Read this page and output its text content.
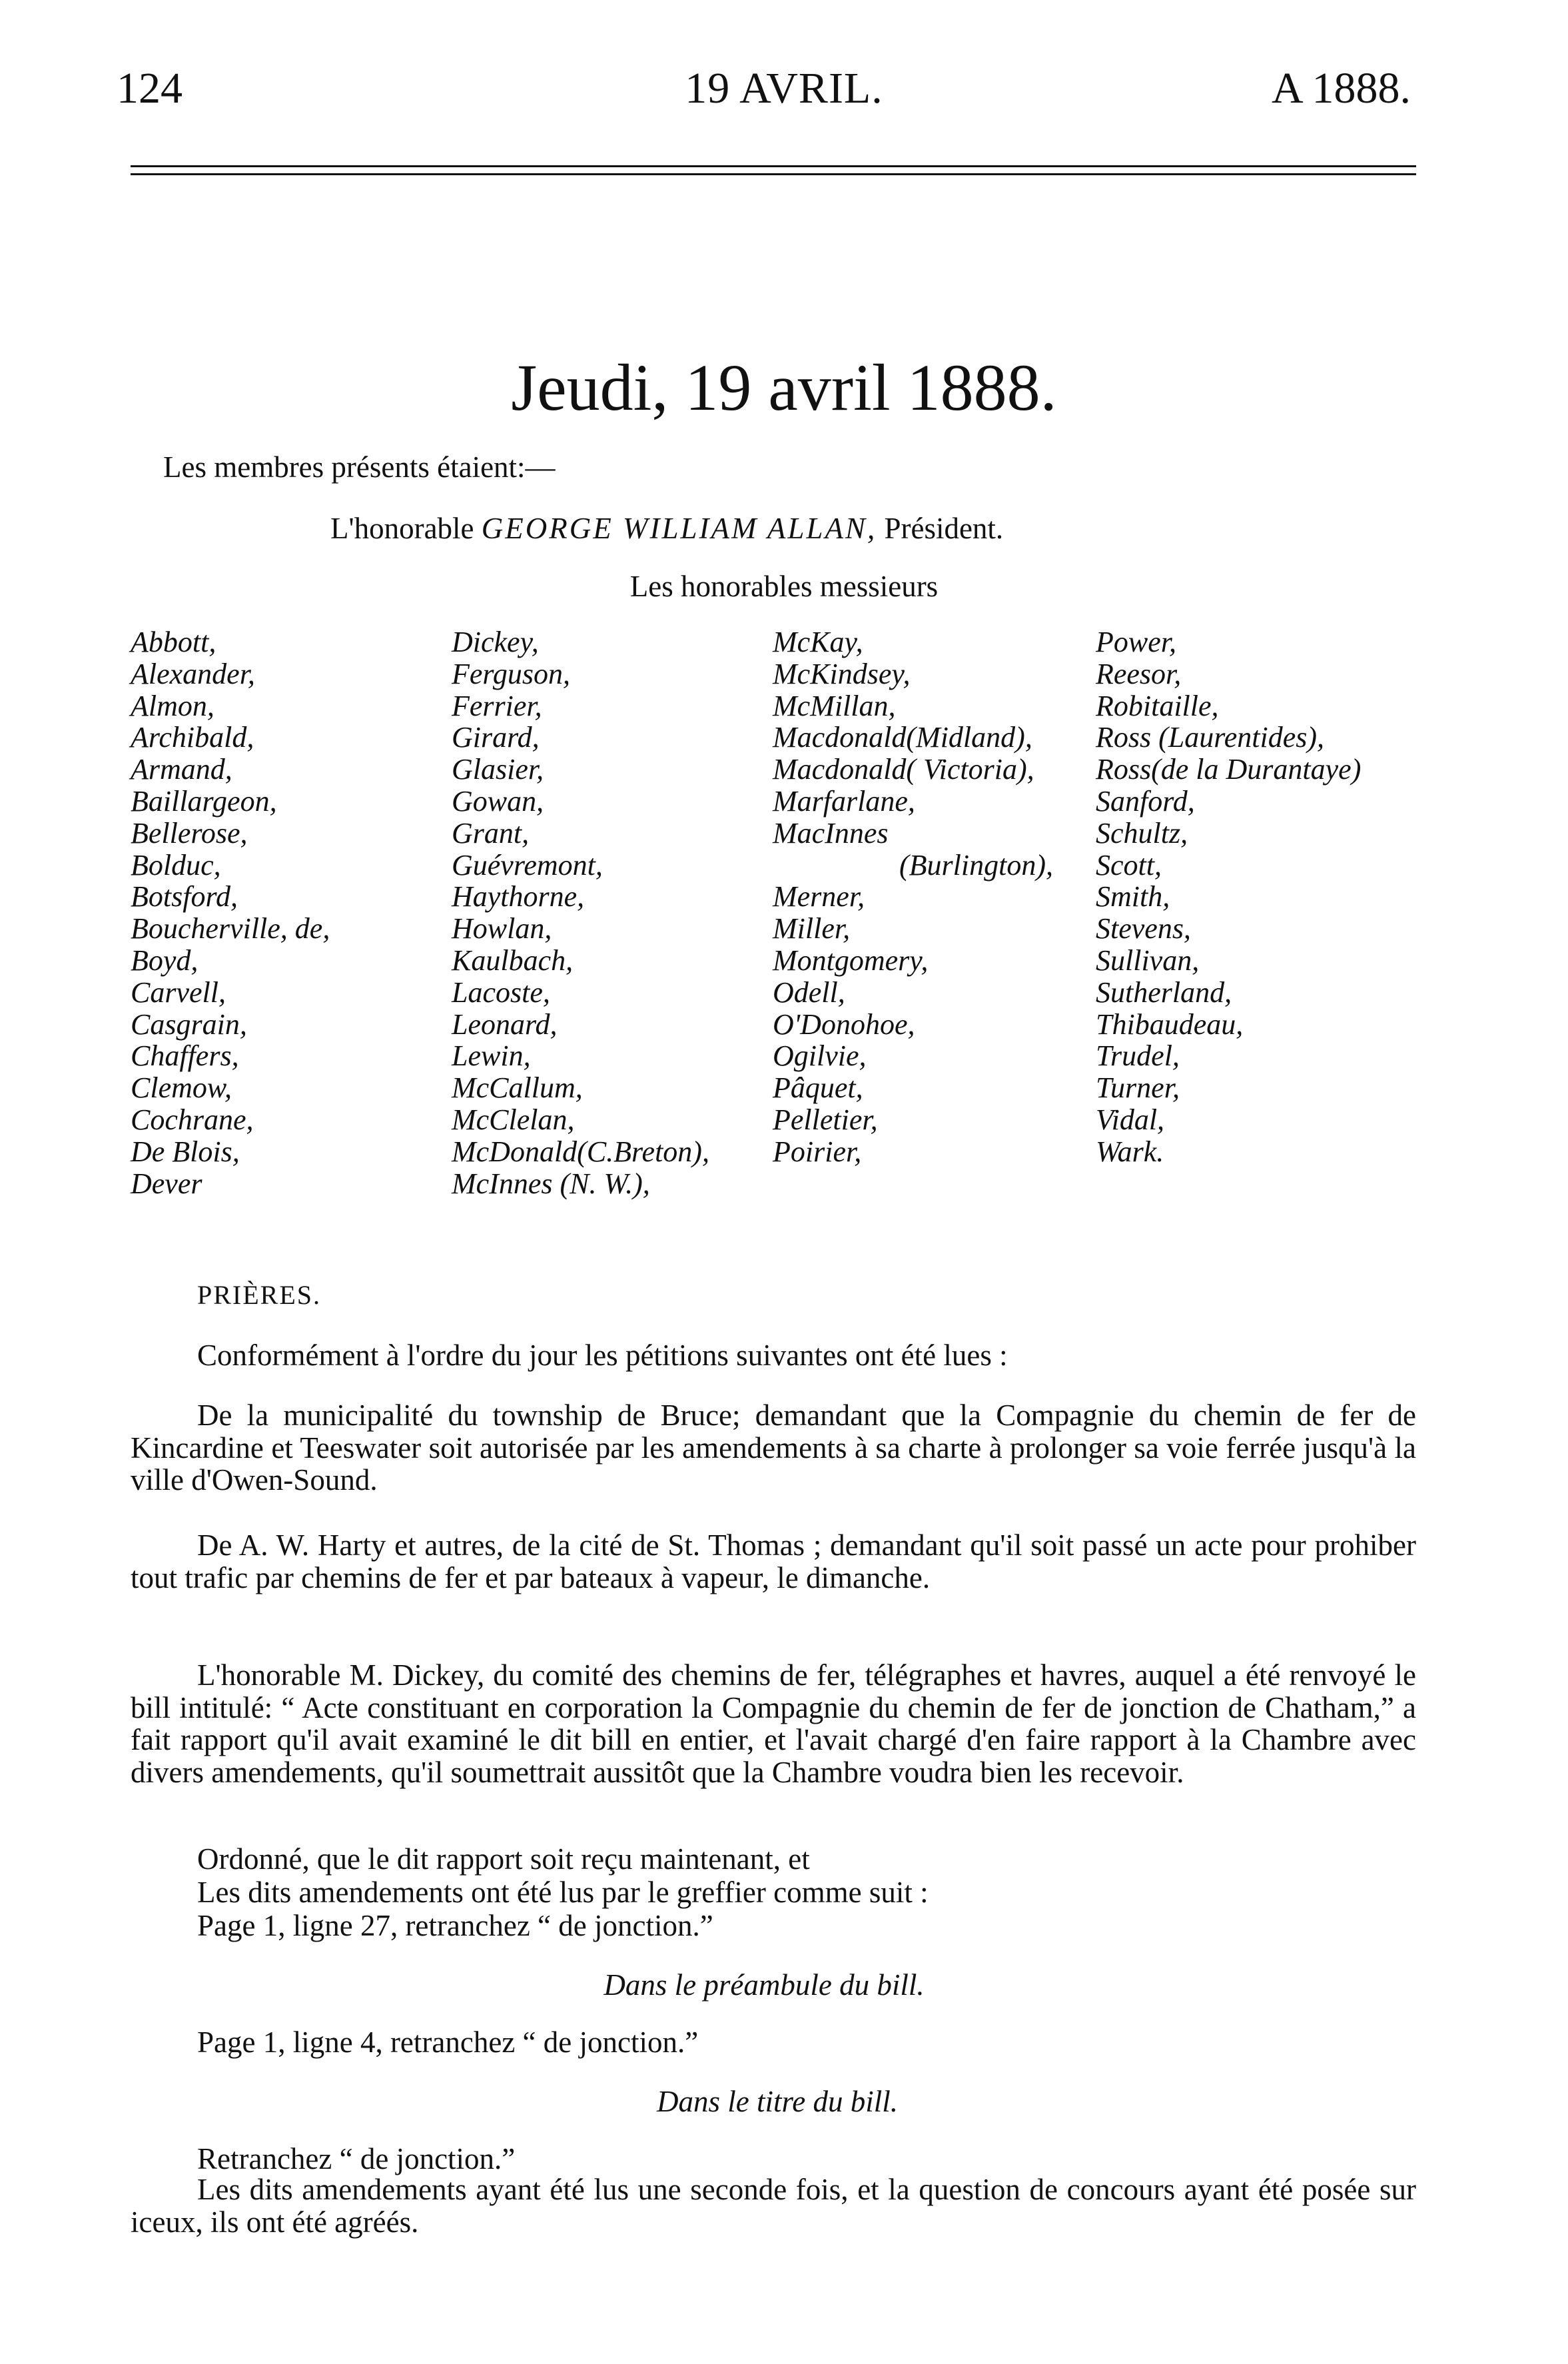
124	19 AVRIL.	A 1888.
Jeudi, 19 avril 1888.
Les membres présents étaient:—
L'honorable GEORGE WILLIAM ALLAN, Président.
Les honorables messieurs
Abbott,
Alexander,
Almon,
Archibald,
Armand,
Baillargeon,
Bellerose,
Bolduc,
Botsford,
Boucherville, de,
Boyd,
Carvell,
Casgrain,
Chaffers,
Clemow,
Cochrane,
De Blois,
Dever
Dickey,
Ferguson,
Ferrier,
Girard,
Glasier,
Gowan,
Grant,
Guévremont,
Haythorne,
Howlan,
Kaulbach,
Lacoste,
Leonard,
Lewin,
McCallum,
McClelan,
McDonald(C.Breton),
McInnes (N. W.),
McKay,
McKindsey,
McMillan,
Macdonald(Midland),
Macdonald( Victoria),
Marfarlane,
MacInnes
(Burlington),
Merner,
Miller,
Montgomery,
Odell,
O'Donohoe,
Ogilvie,
Pâquet,
Pelletier,
Poirier,
Power,
Reesor,
Robitaille,
Ross (Laurentides),
Ross(de la Durantaye)
Sanford,
Schultz,
Scott,
Smith,
Stevens,
Sullivan,
Sutherland,
Thibaudeau,
Trudel,
Turner,
Vidal,
Wark.
PRIÈRES.
Conformément à l'ordre du jour les pétitions suivantes ont été lues :
De la municipalité du township de Bruce; demandant que la Compagnie du chemin de fer de Kincardine et Teeswater soit autorisée par les amendements à sa charte à prolonger sa voie ferrée jusqu'à la ville d'Owen-Sound.
De A. W. Harty et autres, de la cité de St. Thomas ; demandant qu'il soit passé un acte pour prohiber tout trafic par chemins de fer et par bateaux à vapeur, le dimanche.
L'honorable M. Dickey, du comité des chemins de fer, télégraphes et havres, auquel a été renvoyé le bill intitulé: “ Acte constituant en corporation la Compagnie du chemin de fer de jonction de Chatham,” a fait rapport qu'il avait examiné le dit bill en entier, et l'avait chargé d'en faire rapport à la Chambre avec divers amendements, qu'il soumettrait aussitôt que la Chambre voudra bien les recevoir.
Ordonné, que le dit rapport soit reçu maintenant, et
Les dits amendements ont été lus par le greffier comme suit :
Page 1, ligne 27, retranchez “ de jonction.”
Dans le préambule du bill.
Page 1, ligne 4, retranchez “ de jonction.”
Dans le titre du bill.
Retranchez “ de jonction.”
Les dits amendements ayant été lus une seconde fois, et la question de concours ayant été posée sur iceux, ils ont été agréés.
